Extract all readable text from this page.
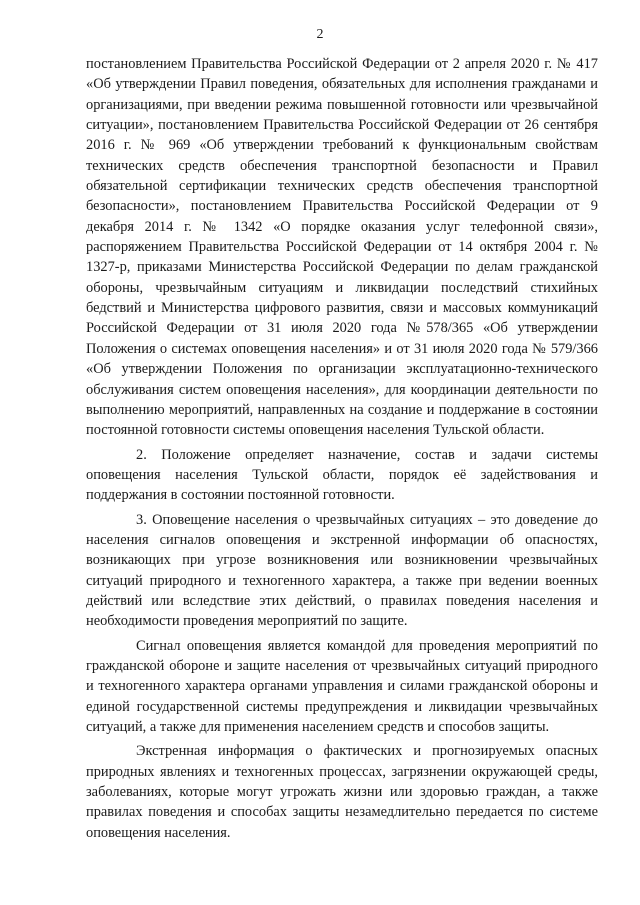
2

постановлением Правительства Российской Федерации от 2 апреля 2020 г. № 417 «Об утверждении Правил поведения, обязательных для исполнения гражданами и организациями, при введении режима повышенной готовности или чрезвычайной ситуации», постановлением Правительства Российской Федерации от 26 сентября 2016 г. № 969 «Об утверждении требований к функциональным свойствам технических средств обеспечения транспортной безопасности и Правил обязательной сертификации технических средств обеспечения транспортной безопасности», постановлением Правительства Российской Федерации от 9 декабря 2014 г. № 1342 «О порядке оказания услуг телефонной связи», распоряжением Правительства Российской Федерации от 14 октября 2004 г. № 1327-р, приказами Министерства Российской Федерации по делам гражданской обороны, чрезвычайным ситуациям и ликвидации последствий стихийных бедствий и Министерства цифрового развития, связи и массовых коммуникаций Российской Федерации от 31 июля 2020 года №578/365 «Об утверждении Положения о системах оповещения населения» и от 31 июля 2020 года № 579/366 «Об утверждении Положения по организации эксплуатационно-технического обслуживания систем оповещения населения», для координации деятельности по выполнению мероприятий, направленных на создание и поддержание в состоянии постоянной готовности системы оповещения населения Тульской области.

2. Положение определяет назначение, состав и задачи системы оповещения населения Тульской области, порядок её задействования и поддержания в состоянии постоянной готовности.

3. Оповещение населения о чрезвычайных ситуациях – это доведение до населения сигналов оповещения и экстренной информации об опасностях, возникающих при угрозе возникновения или возникновении чрезвычайных ситуаций природного и техногенного характера, а также при ведении военных действий или вследствие этих действий, о правилах поведения населения и необходимости проведения мероприятий по защите.

Сигнал оповещения является командой для проведения мероприятий по гражданской обороне и защите населения от чрезвычайных ситуаций природного и техногенного характера органами управления и силами гражданской обороны и единой государственной системы предупреждения и ликвидации чрезвычайных ситуаций, а также для применения населением средств и способов защиты.

Экстренная информация о фактических и прогнозируемых опасных природных явлениях и техногенных процессах, загрязнении окружающей среды, заболеваниях, которые могут угрожать жизни или здоровью граждан, а также правилах поведения и способах защиты незамедлительно передается по системе оповещения населения.
